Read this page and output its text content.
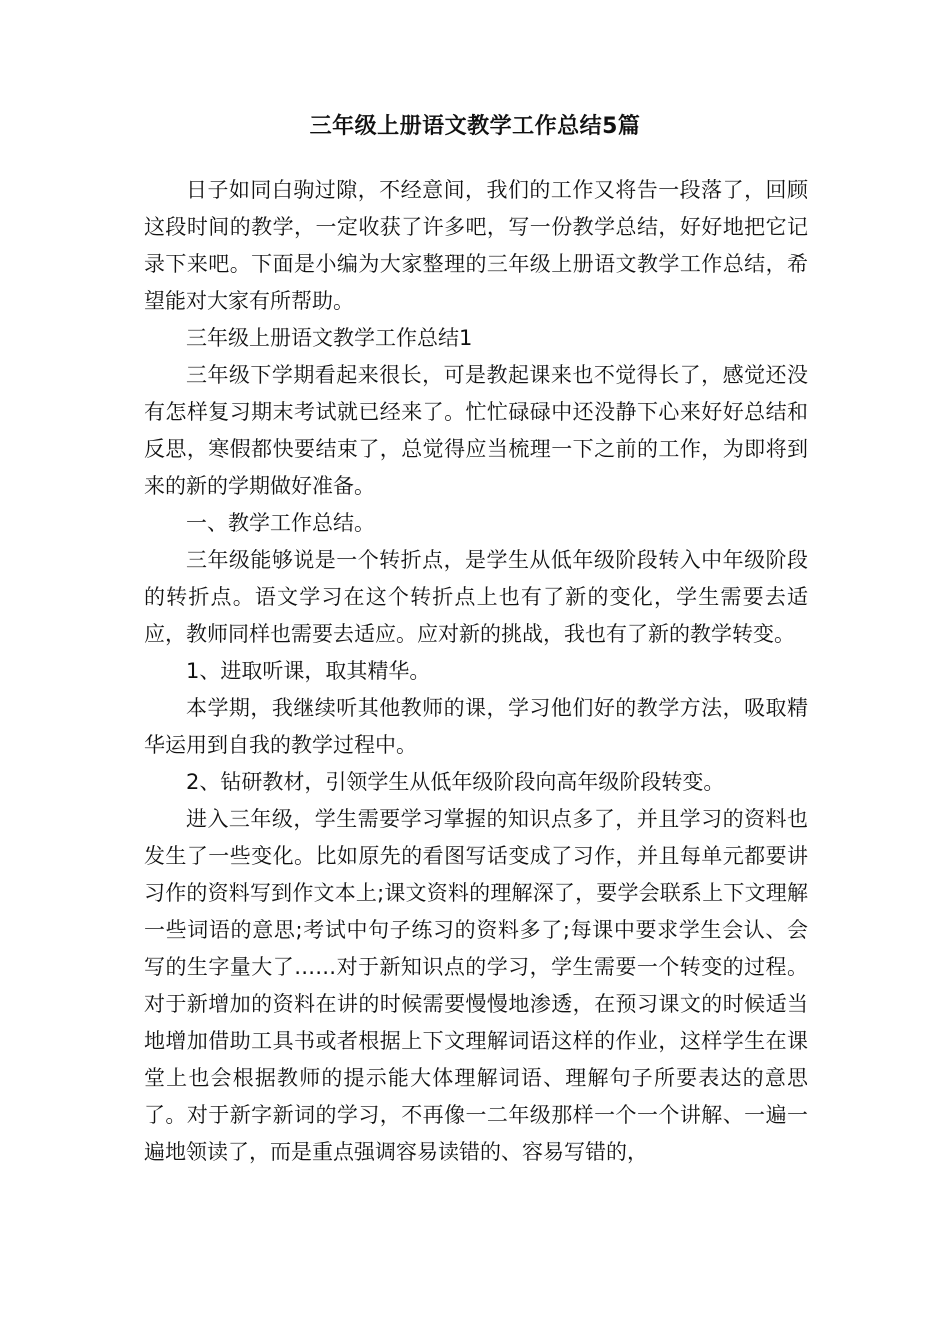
三年级上册语文教学工作总结5篇

日子如同白驹过隙，不经意间，我们的工作又将告一段落了，回顾这段时间的教学，一定收获了许多吧，写一份教学总结，好好地把它记录下来吧。下面是小编为大家整理的三年级上册语文教学工作总结，希望能对大家有所帮助。

三年级上册语文教学工作总结1

三年级下学期看起来很长，可是教起课来也不觉得长了，感觉还没有怎样复习期末考试就已经来了。忙忙碌碌中还没静下心来好好总结和反思，寒假都快要结束了，总觉得应当梳理一下之前的工作，为即将到来的新的学期做好准备。

一、教学工作总结。

三年级能够说是一个转折点，是学生从低年级阶段转入中年级阶段的转折点。语文学习在这个转折点上也有了新的变化，学生需要去适应，教师同样也需要去适应。应对新的挑战，我也有了新的教学转变。

1、进取听课，取其精华。

本学期，我继续听其他教师的课，学习他们好的教学方法，吸取精华运用到自我的教学过程中。

2、钻研教材，引领学生从低年级阶段向高年级阶段转变。

进入三年级，学生需要学习掌握的知识点多了，并且学习的资料也发生了一些变化。比如原先的看图写话变成了习作，并且每单元都要讲习作的资料写到作文本上;课文资料的理解深了，要学会联系上下文理解一些词语的意思;考试中句子练习的资料多了;每课中要求学生会认、会写的生字量大了……对于新知识点的学习，学生需要一个转变的过程。对于新增加的资料在讲的时候需要慢慢地渗透，在预习课文的时候适当地增加借助工具书或者根据上下文理解词语这样的作业，这样学生在课堂上也会根据教师的提示能大体理解词语、理解句子所要表达的意思了。对于新字新词的学习，不再像一二年级那样一个一个讲解、一遍一遍地领读了，而是重点强调容易读错的、容易写错的，
